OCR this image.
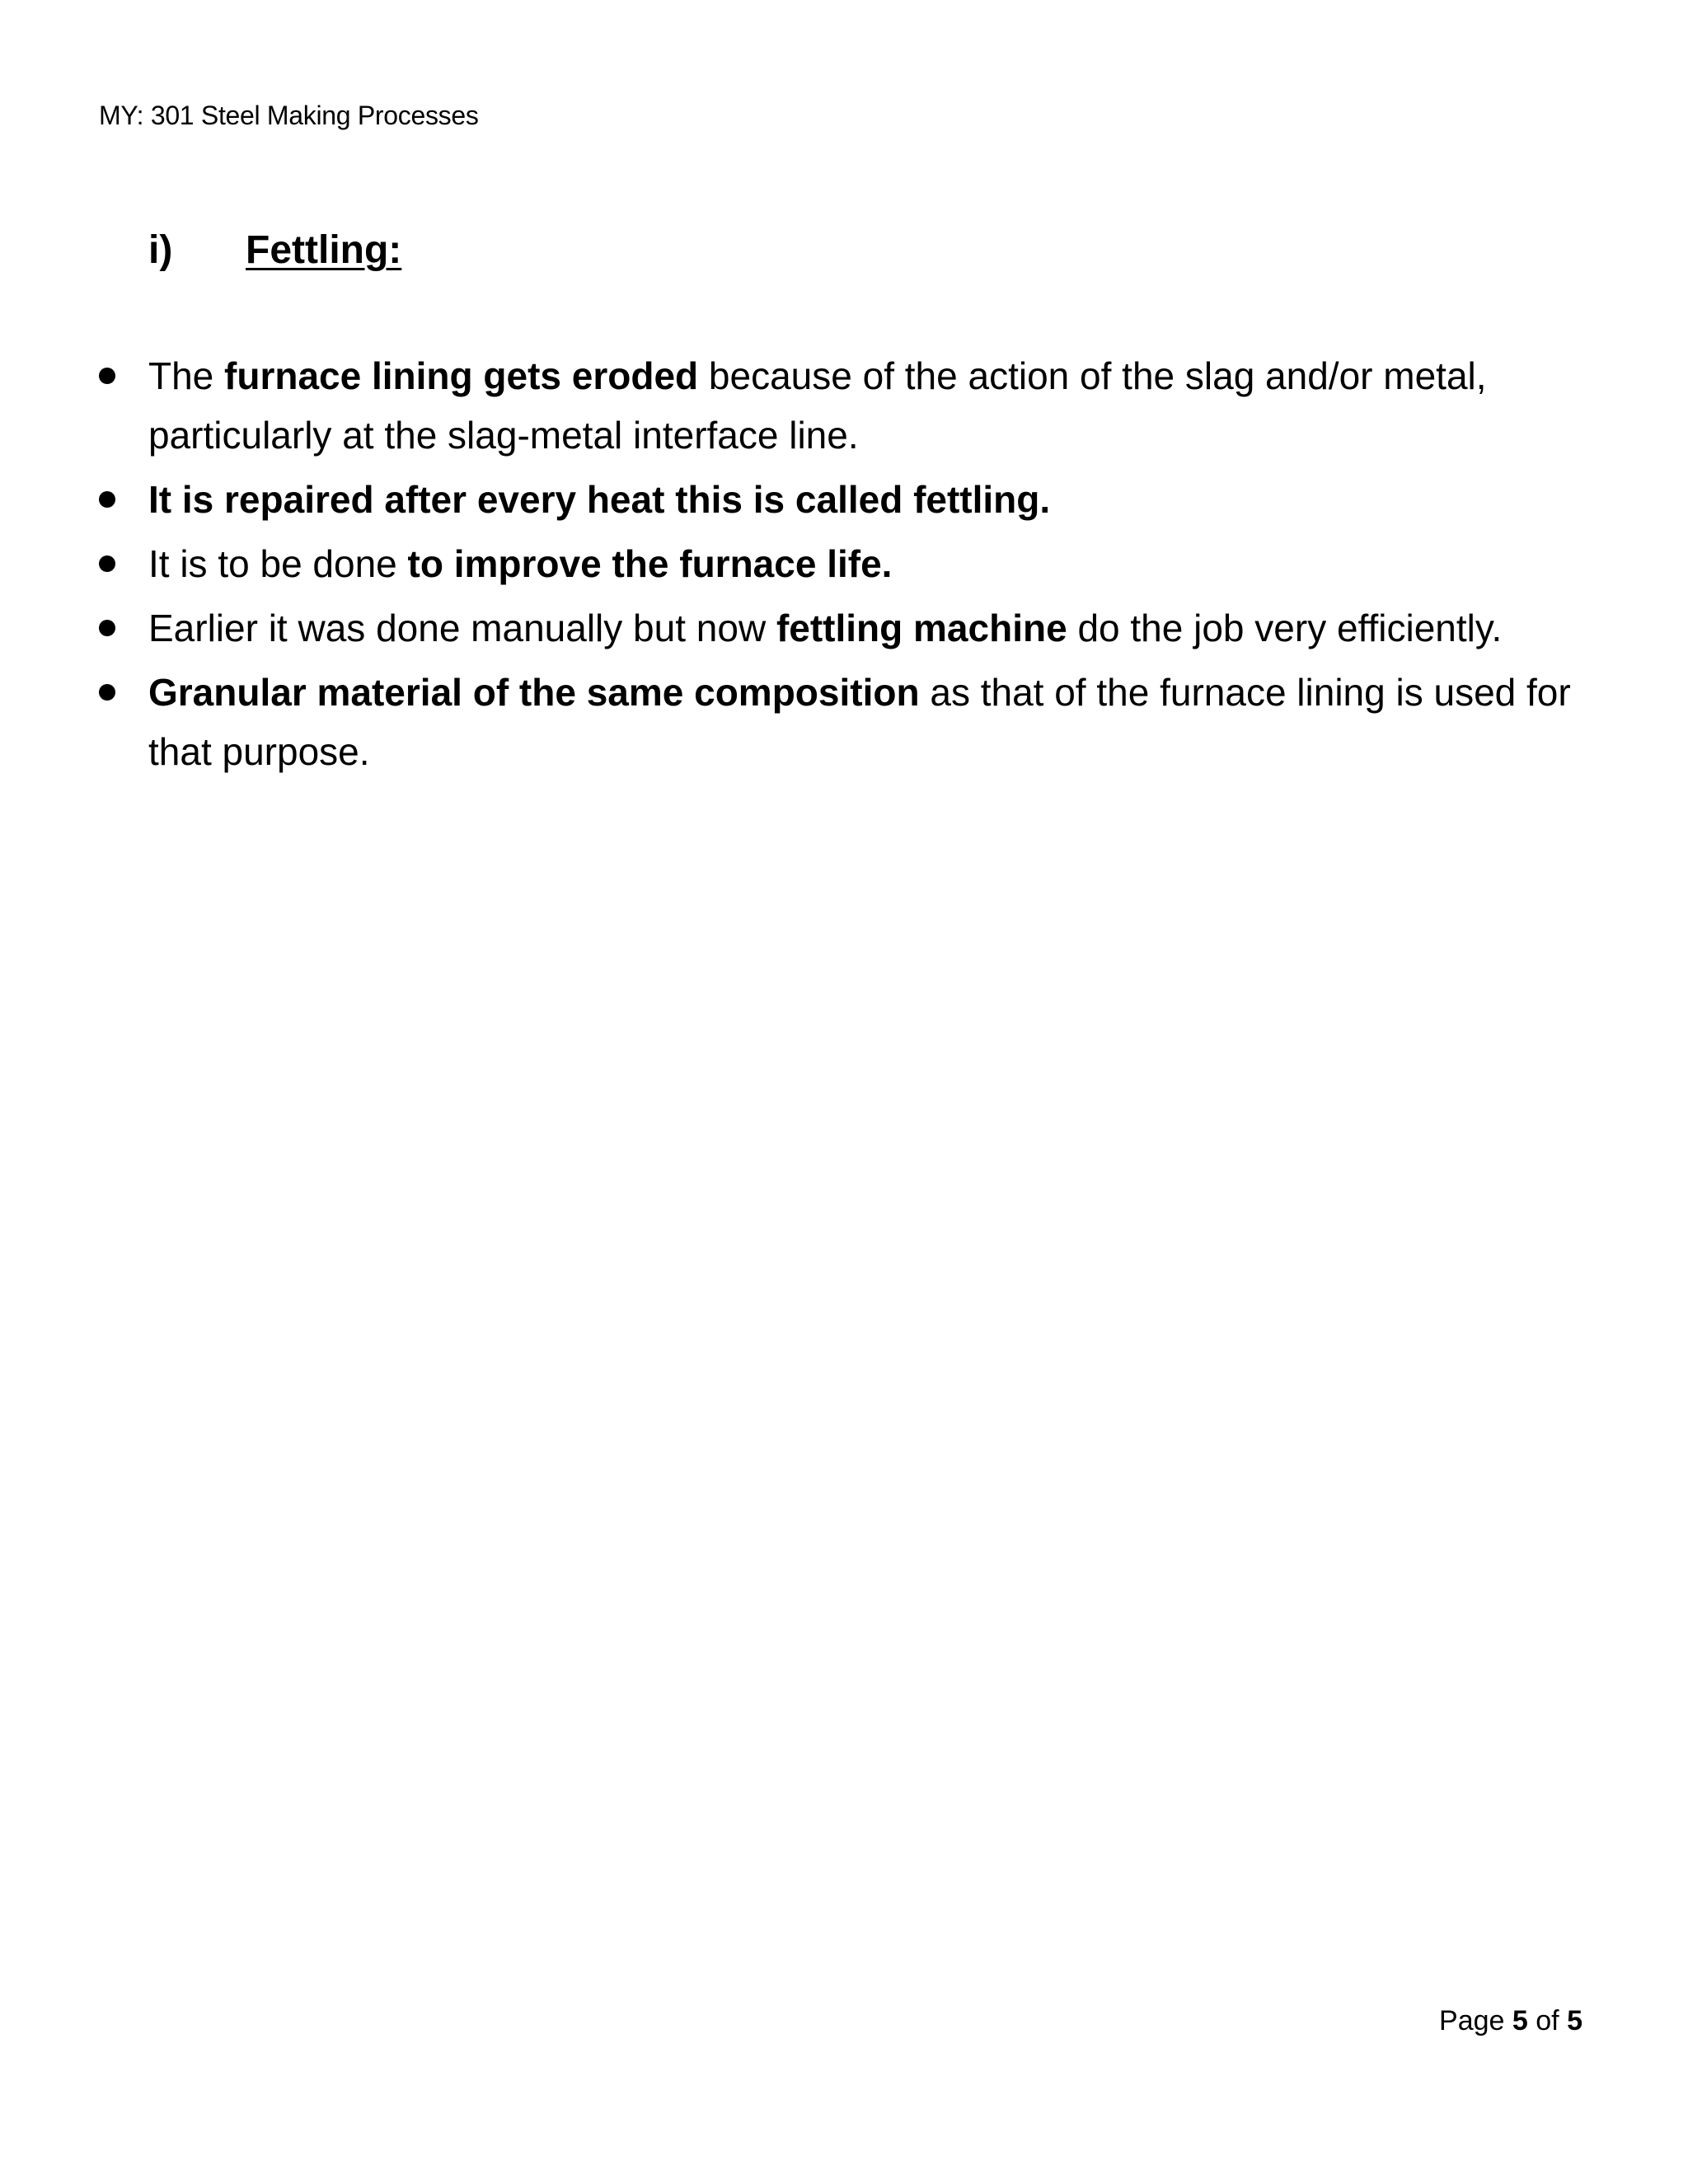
MY: 301 Steel Making Processes
i)	Fettling:
The furnace lining gets eroded because of the action of the slag and/or metal, particularly at the slag-metal interface line.
It is repaired after every heat this is called fettling.
It is to be done to improve the furnace life.
Earlier it was done manually but now fettling machine do the job very efficiently.
Granular material of the same composition as that of the furnace lining is used for that purpose.
Page 5 of 5
